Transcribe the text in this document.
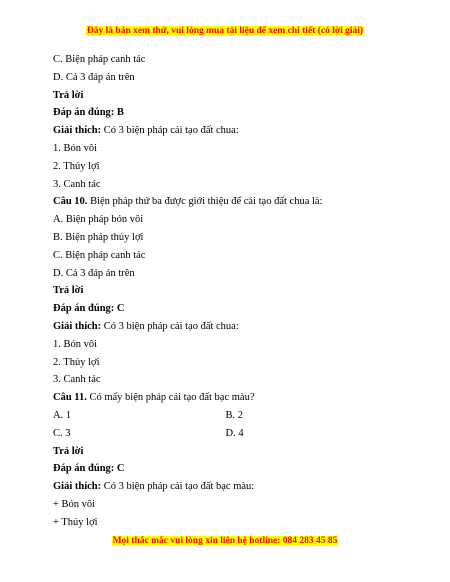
Đây là bản xem thử, vui lòng mua tài liệu để xem chi tiết (có lời giải)
C. Biện pháp canh tác
D. Cả 3 đáp án trên
Trả lời
Đáp án đúng: B
Giải thích: Có 3 biện pháp cải tạo đất chua:
1. Bón vôi
2. Thủy lợi
3. Canh tác
Câu 10. Biện pháp thứ ba được giới thiệu để cải tạo đất chua là:
A. Biện pháp bón vôi
B. Biện pháp thủy lợi
C. Biện pháp canh tác
D. Cả 3 đáp án trên
Trả lời
Đáp án đúng: C
Giải thích: Có 3 biện pháp cải tạo đất chua:
1. Bón vôi
2. Thủy lợi
3. Canh tác
Câu 11. Có mấy biện pháp cải tạo đất bạc màu?
A. 1	B. 2
C. 3	D. 4
Trả lời
Đáp án đúng: C
Giải thích: Có 3 biện pháp cải tạo đất bạc màu:
+ Bón vôi
+ Thủy lợi
Mọi thắc mắc vui lòng xin liên hệ hotline: 084 283 45 85
